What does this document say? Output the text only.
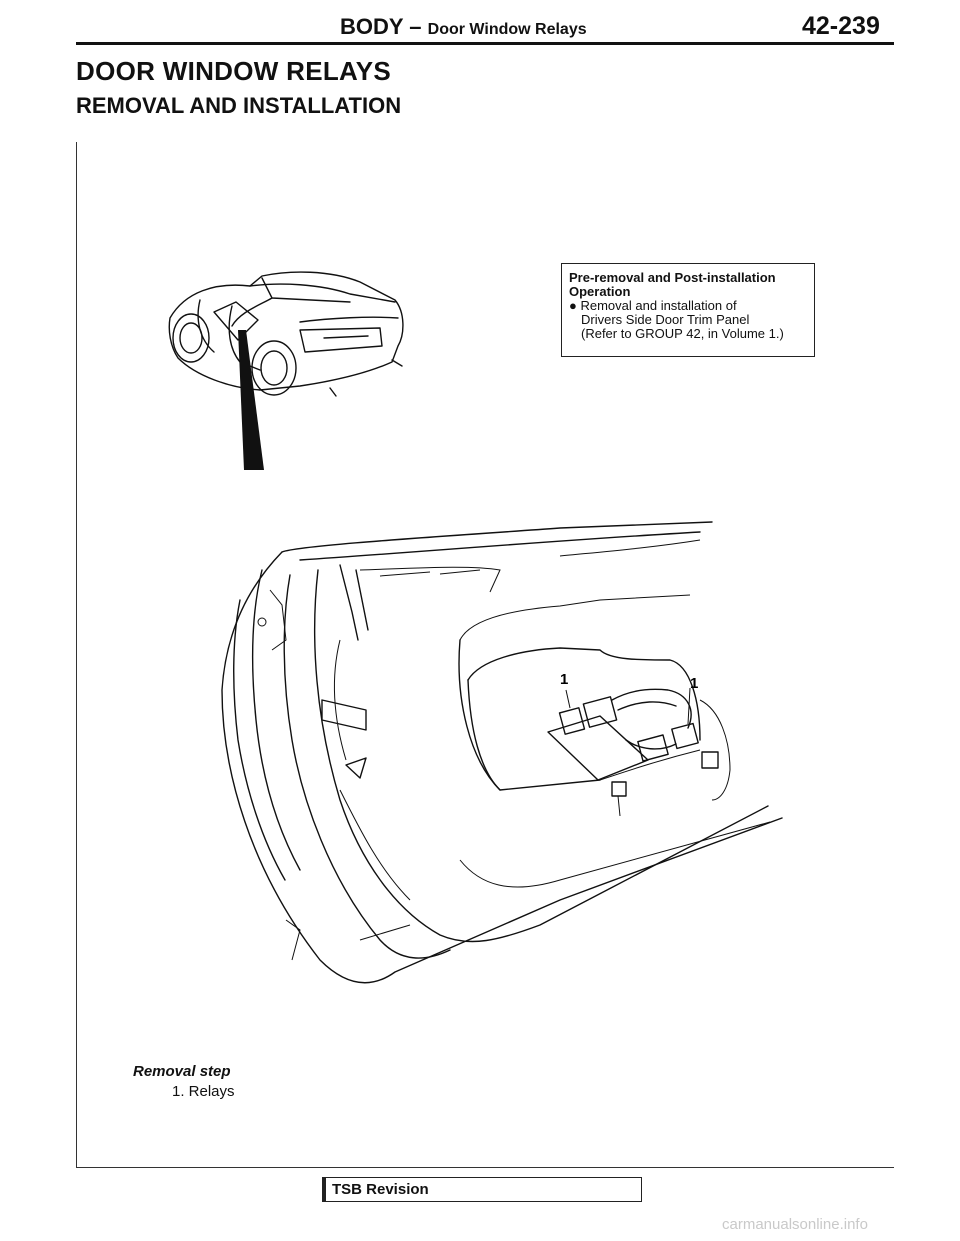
BODY – Door Window Relays	42-239
DOOR WINDOW RELAYS
REMOVAL AND INSTALLATION
1	1
Pre-removal and Post-installation
Operation
● Removal and installation of
Drivers Side Door Trim Panel
(Refer to GROUP 42, in Volume 1.)
Removal step
1. Relays
TSB Revision
carmanualsonline.info
